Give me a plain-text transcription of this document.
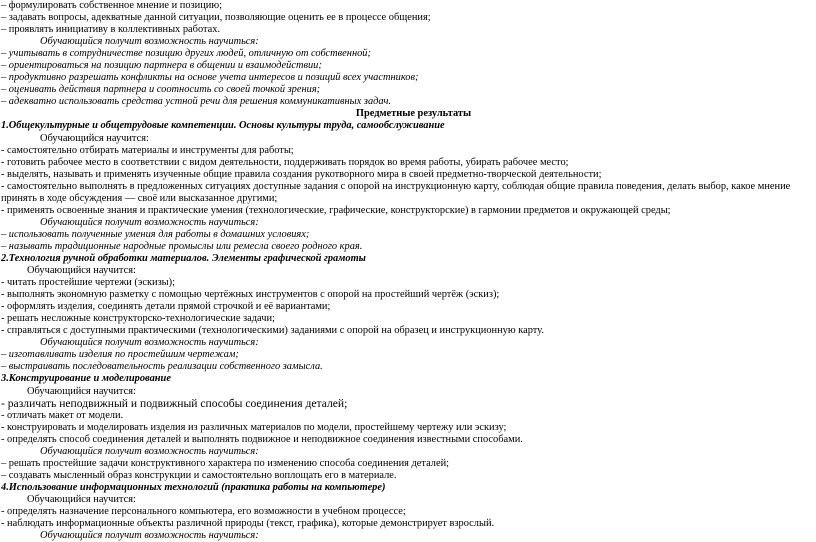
– формулировать собственное мнение и позицию;
– задавать вопросы, адекватные данной ситуации, позволяющие оценить ее в процессе общения;
– проявлять инициативу в коллективных работах.
Обучающийся получит возможность научиться:
– учитывать в сотрудничестве позицию других людей, отличную от собственной;
– ориентироваться на позицию партнера в общении и взаимодействии;
– продуктивно разрешать конфликты на основе учета интересов и позиций всех участников;
– оценивать действия партнера и соотносить со своей точкой зрения;
– адекватно использовать средства устной речи для решения коммуникативных задач.
Предметные результаты
1.Общекультурные и общетрудовые компетенции. Основы культуры труда, самообслуживание
Обучающийся научится:
- самостоятельно отбирать материалы и инструменты для работы;
- готовить рабочее место в соответствии с видом деятельности, поддерживать порядок во время работы, убирать рабочее место;
- выделять, называть и применять изученные общие правила создания рукотворного мира в своей предметно-творческой деятельности;
- самостоятельно выполнять в предложенных ситуациях доступные задания с опорой на инструкционную карту, соблюдая общие правила поведения, делать выбор, какое мнение принять в ходе обсуждения — своё или высказанное другими;
- применять освоенные знания и практические умения (технологические, графические, конструкторские) в гармонии предметов и окружающей среды;
Обучающийся получит возможность научиться:
– использовать полученные умения для работы в домашних условиях;
– называть традиционные народные промыслы или ремесла своего родного края.
2.Технология ручной обработки материалов. Элементы графической грамоты
Обучающийся научится:
- читать простейшие чертежи (эскизы);
- выполнять экономную разметку с помощью чертёжных инструментов с опорой на простейший чертёж (эскиз);
- оформлять изделия, соединять детали прямой строчкой и её вариантами;
- решать несложные конструкторско-технологические задачи;
- справляться с доступными практическими (технологическими) заданиями с опорой на образец и инструкционную карту.
Обучающийся получит возможность научиться:
– изготавливать изделия по простейшим чертежам;
– выстраивать последовательность реализации собственного замысла.
3.Конструирование и моделирование
Обучающийся научится:
- различать неподвижный и подвижный способы соединения деталей;
- отличать макет от модели.
- конструировать и моделировать изделия из различных материалов по модели, простейшему чертежу или эскизу;
- определять способ соединения деталей и выполнять подвижное и неподвижное соединения известными способами.
Обучающийся получит возможность научиться:
– решать простейшие задачи конструктивного характера по изменению способа соединения деталей;
– создавать мысленный образ конструкции и самостоятельно воплощать его в материале.
4.Использование информационных технологий (практика работы на компьютере)
Обучающийся научится:
- определять назначение персонального компьютера, его возможности в учебном процессе;
- наблюдать информационные объекты различной природы (текст, графика), которые демонстрирует взрослый.
Обучающийся получит возможность научиться:
